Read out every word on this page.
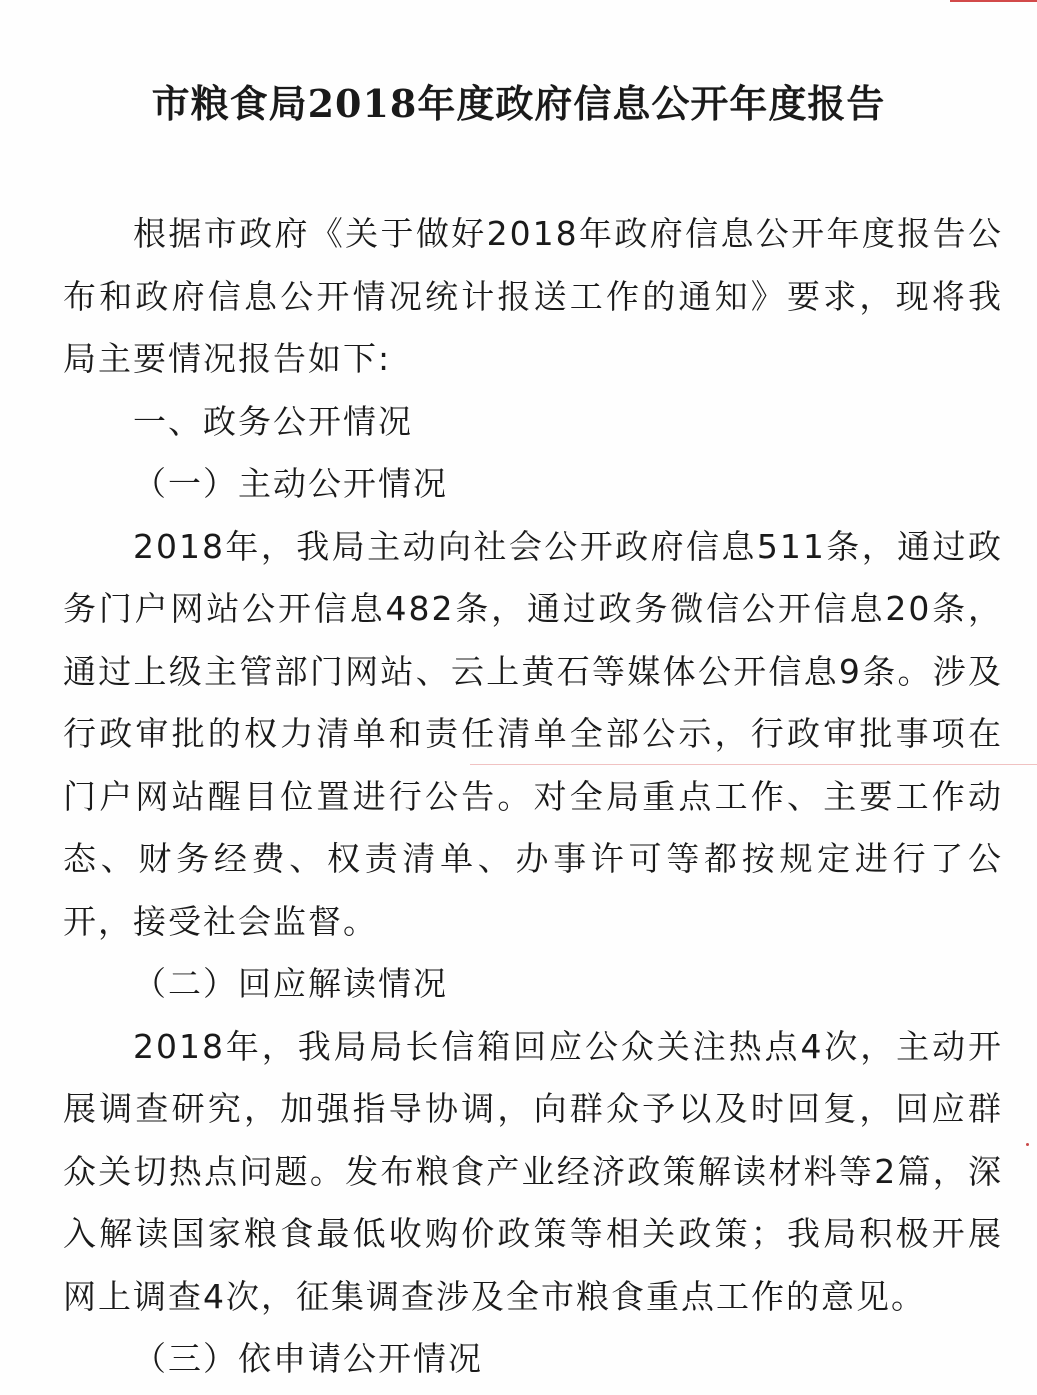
市粮食局2018年度政府信息公开年度报告

根据市政府《关于做好2018年政府信息公开年度报告公布和政府信息公开情况统计报送工作的通知》要求，现将我局主要情况报告如下:

一、政务公开情况

（一）主动公开情况

2018年，我局主动向社会公开政府信息511条，通过政务门户网站公开信息482条，通过政务微信公开信息20条，通过上级主管部门网站、云上黄石等媒体公开信息9条。涉及行政审批的权力清单和责任清单全部公示，行政审批事项在门户网站醒目位置进行公告。对全局重点工作、主要工作动态、财务经费、权责清单、办事许可等都按规定进行了公开，接受社会监督。

（二）回应解读情况

2018年，我局局长信箱回应公众关注热点4次，主动开展调查研究，加强指导协调，向群众予以及时回复，回应群众关切热点问题。发布粮食产业经济政策解读材料等2篇，深入解读国家粮食最低收购价政策等相关政策；我局积极开展网上调查4次，征集调查涉及全市粮食重点工作的意见。

（三）依申请公开情况
